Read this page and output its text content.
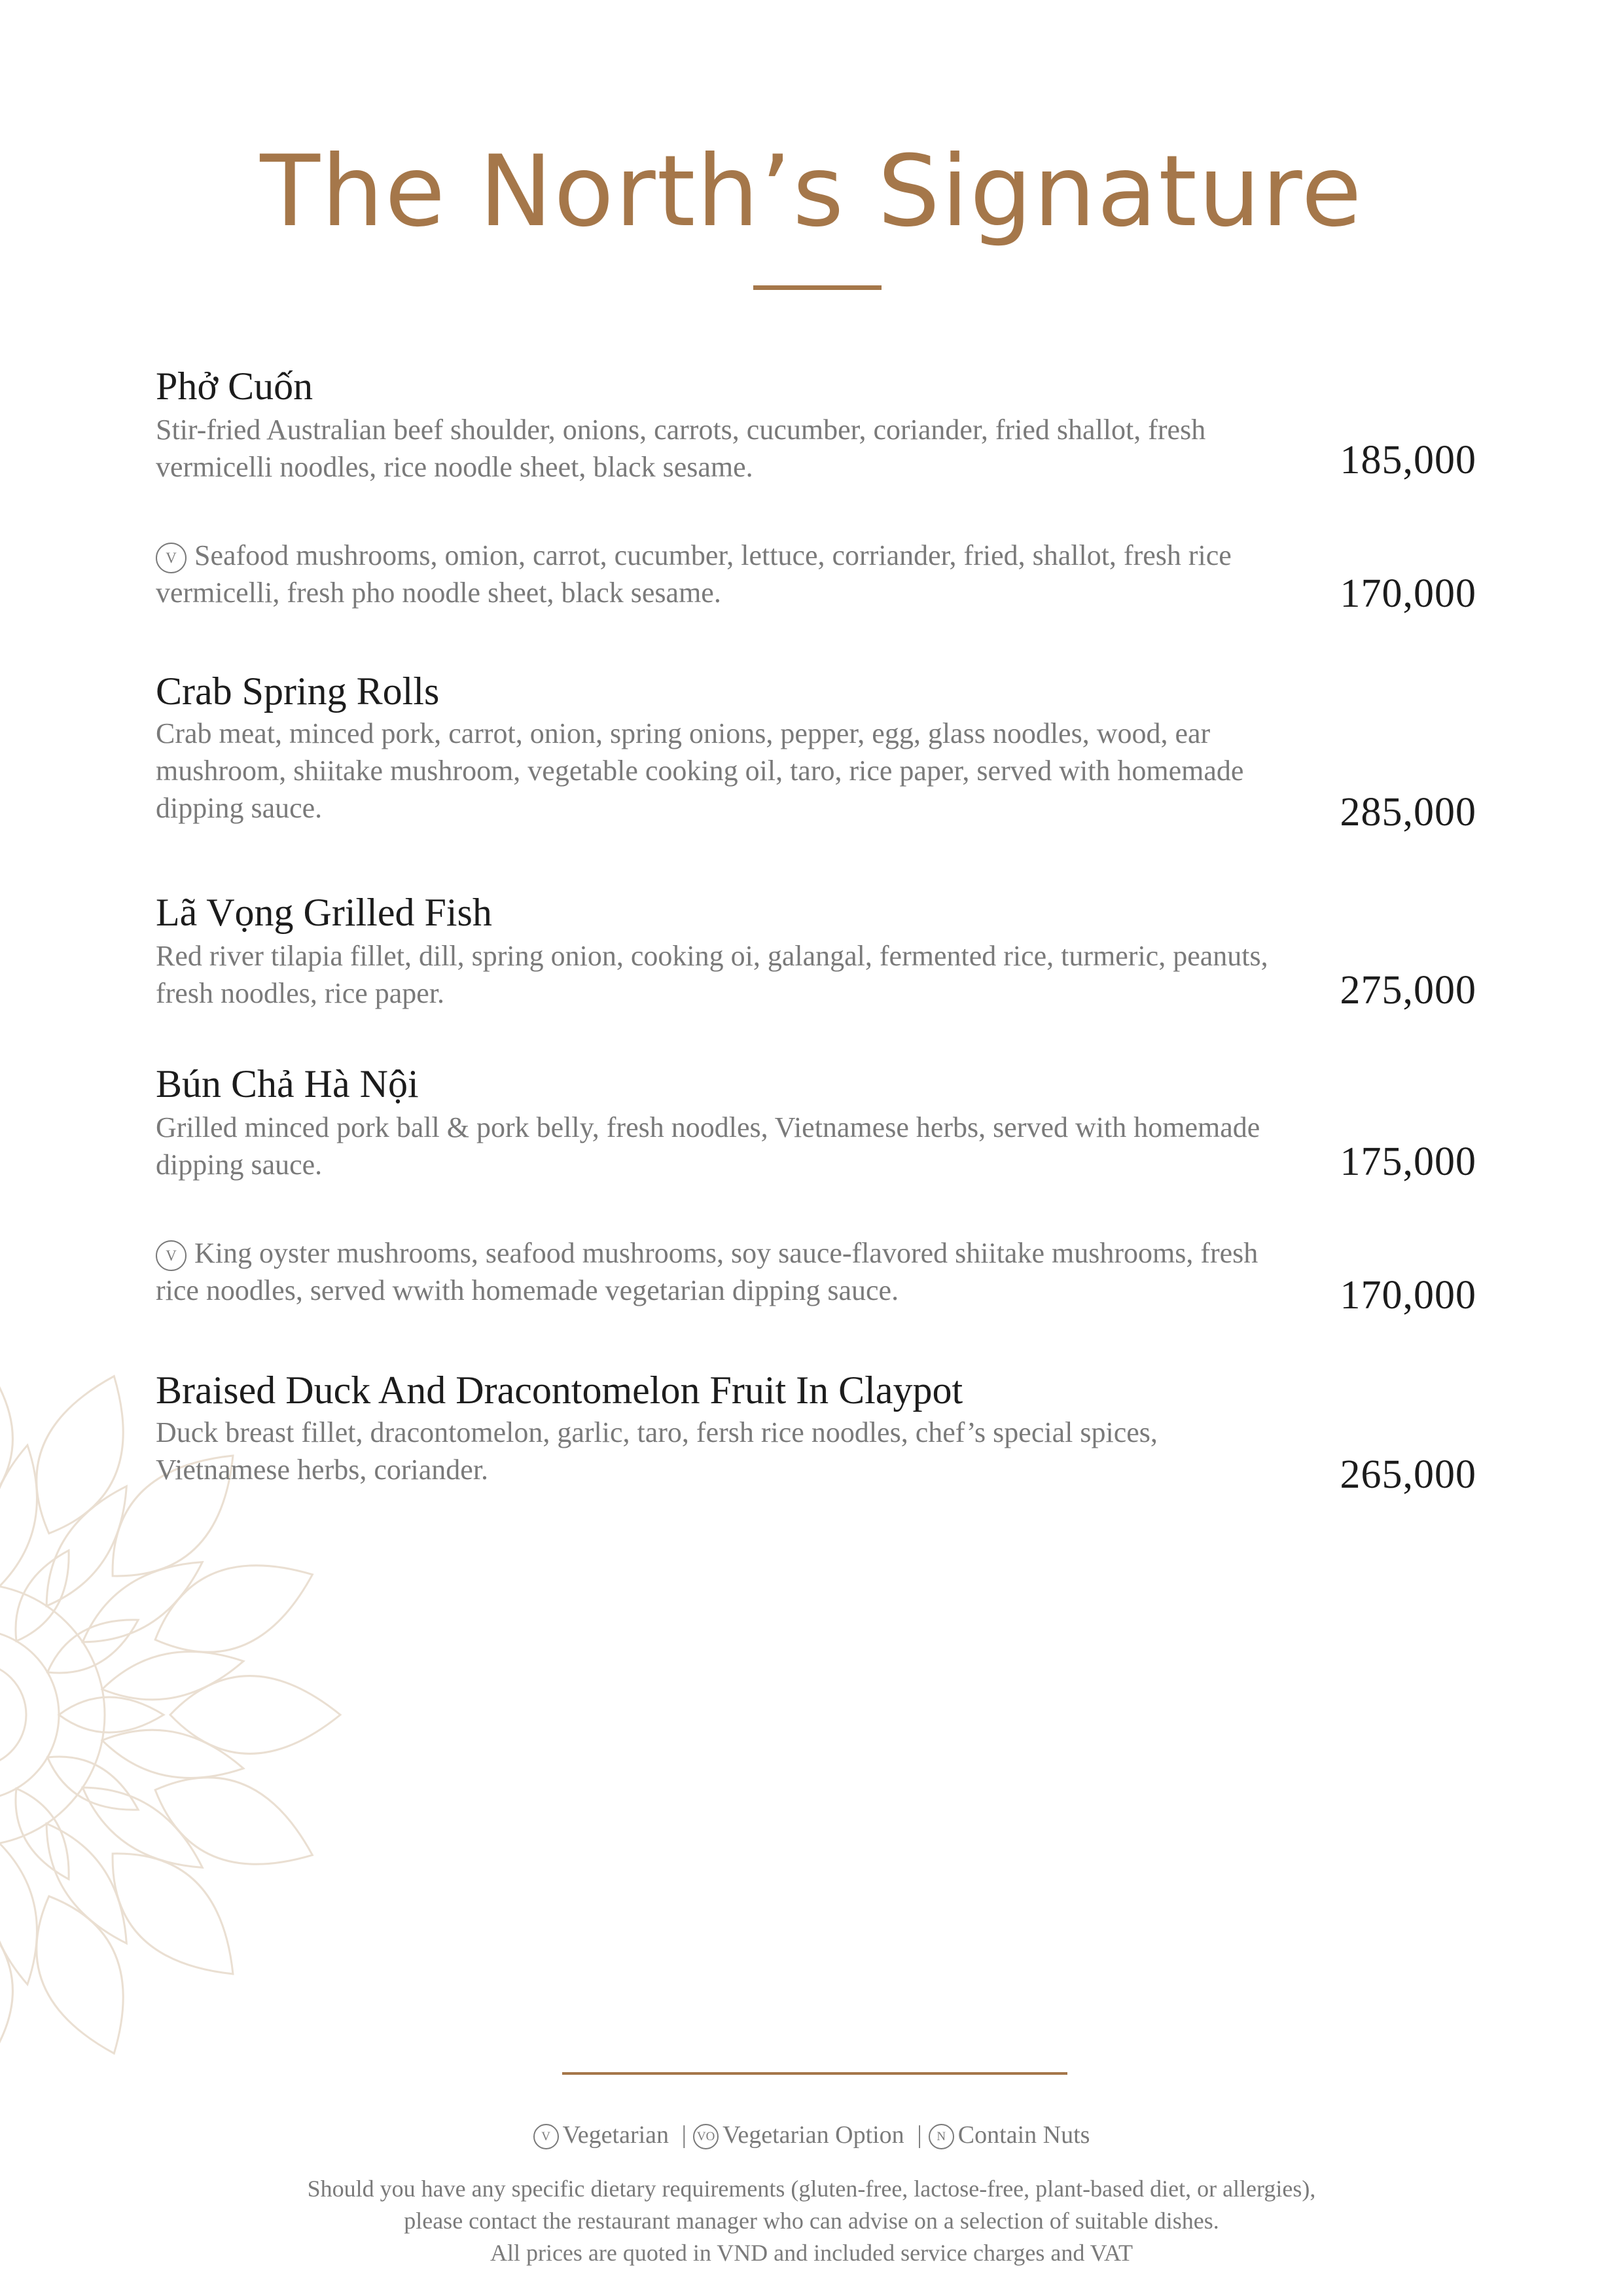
The North’s Signature
Phở Cuốn
Stir-fried Australian beef shoulder, onions, carrots, cucumber, coriander, fried shallot, fresh vermicelli noodles, rice noodle sheet, black sesame.	185,000
V Seafood mushrooms, omion, carrot, cucumber, lettuce, corriander, fried, shallot, fresh rice vermicelli, fresh pho noodle sheet, black sesame.	170,000
Crab Spring Rolls
Crab meat, minced pork, carrot, onion, spring onions, pepper, egg, glass noodles, wood, ear mushroom, shiitake mushroom, vegetable cooking oil, taro, rice paper, served with homemade dipping sauce.	285,000
Lã Vọng Grilled Fish
Red river tilapia fillet, dill, spring onion, cooking oi, galangal, fermented rice, turmeric, peanuts, fresh noodles, rice paper.	275,000
Bún Chả Hà Nội
Grilled minced pork ball & pork belly, fresh noodles, Vietnamese herbs, served with homemade dipping sauce.	175,000
V King oyster mushrooms, seafood mushrooms, soy sauce-flavored shiitake mushrooms, fresh rice noodles, served wwith homemade vegetarian dipping sauce.	170,000
Braised Duck And Dracontomelon Fruit In Claypot
Duck breast fillet, dracontomelon, garlic, taro, fersh rice noodles, chef’s special spices, Vietnamese herbs, coriander.	265,000
V Vegetarian | VO Vegetarian Option | N Contain Nuts
Should you have any specific dietary requirements (gluten-free, lactose-free, plant-based diet, or allergies),
please contact the restaurant manager who can advise on a selection of suitable dishes.
All prices are quoted in VND and included service charges and VAT
